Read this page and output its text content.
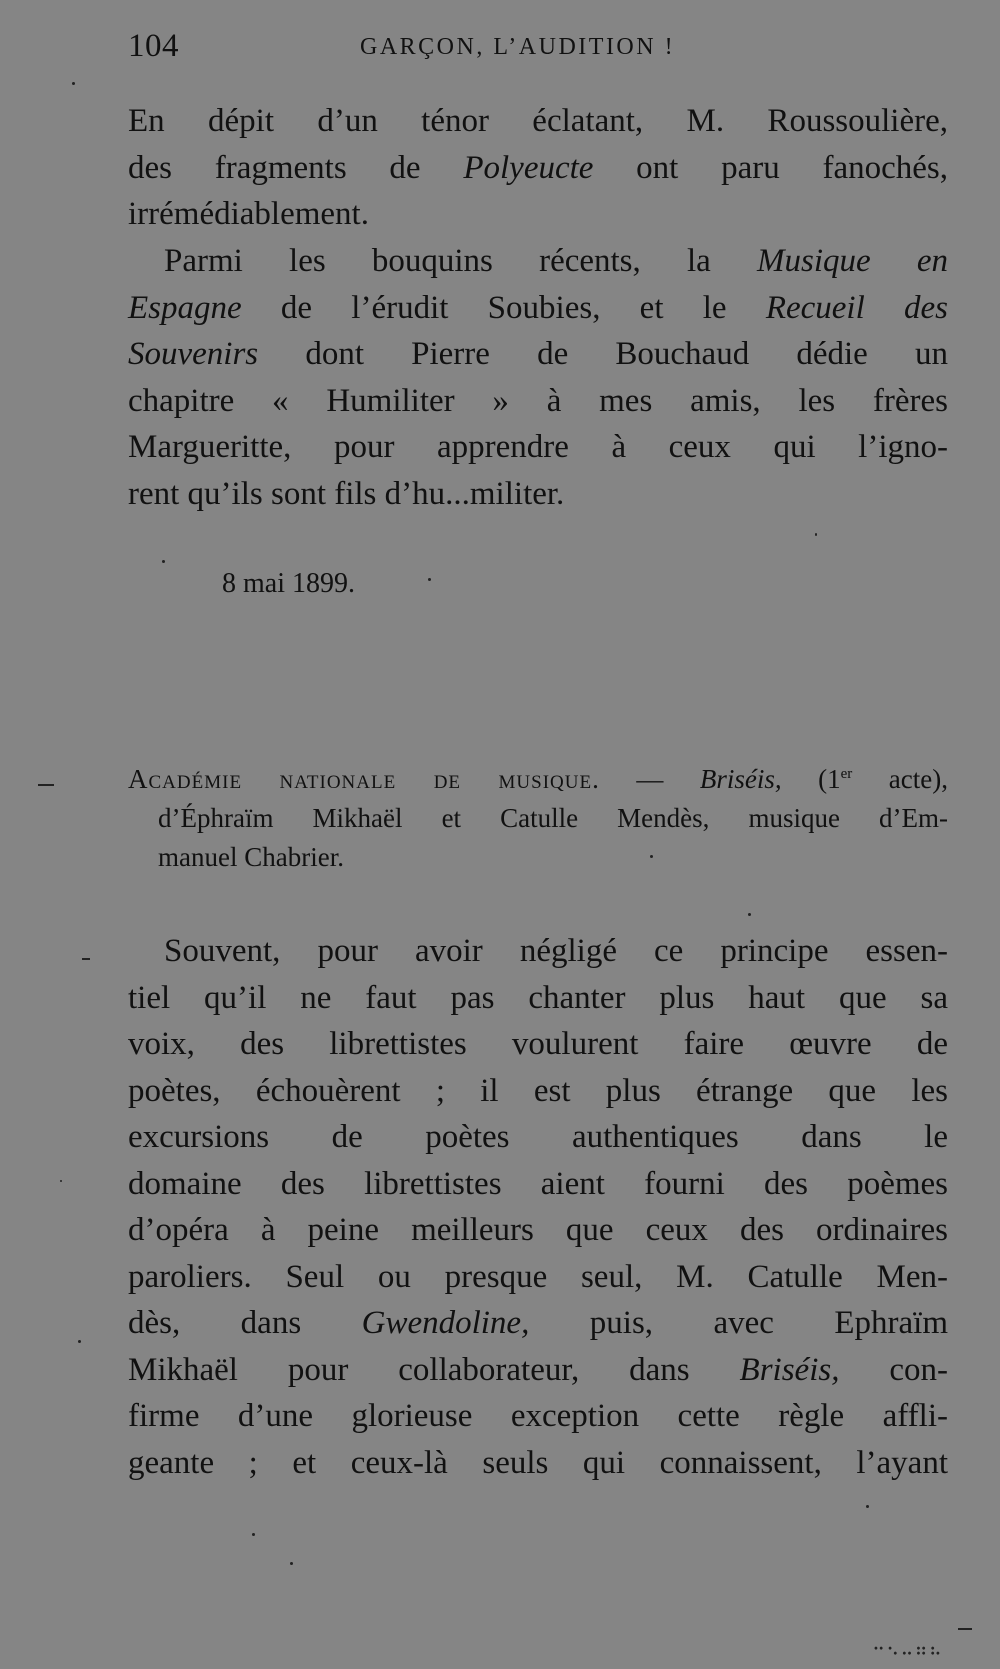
104	GARÇON, L’AUDITION !
En dépit d’un ténor éclatant, M. Roussoulière,
des fragments de Polyeucte ont paru fanochés,
irrémédiablement.
Parmi les bouquins récents, la Musique en
Espagne de l’érudit Soubies, et le Recueil des
Souvenirs dont Pierre de Bouchaud dédie un
chapitre « Humiliter » à mes amis, les frères
Margueritte, pour apprendre à ceux qui l’igno-
rent qu’ils sont fils d’hu...militer.
8 mai 1899.
Académie nationale de musique. — Briséis, (1er acte),
d’Éphraïm Mikhaël et Catulle Mendès, musique d’Em-
manuel Chabrier.
Souvent, pour avoir négligé ce principe essen-
tiel qu’il ne faut pas chanter plus haut que sa
voix, des librettistes voulurent faire œuvre de
poètes, échouèrent ; il est plus étrange que les
excursions de poètes authentiques dans le
domaine des librettistes aient fourni des poèmes
d’opéra à peine meilleurs que ceux des ordinaires
paroliers. Seul ou presque seul, M. Catulle Men-
dès, dans Gwendoline, puis, avec Ephraïm
Mikhaël pour collaborateur, dans Briséis, con-
firme d’une glorieuse exception cette règle affli-
geante ; et ceux-là seuls qui connaissent, l’ayant
⠒⠢⠤⠶⠦
